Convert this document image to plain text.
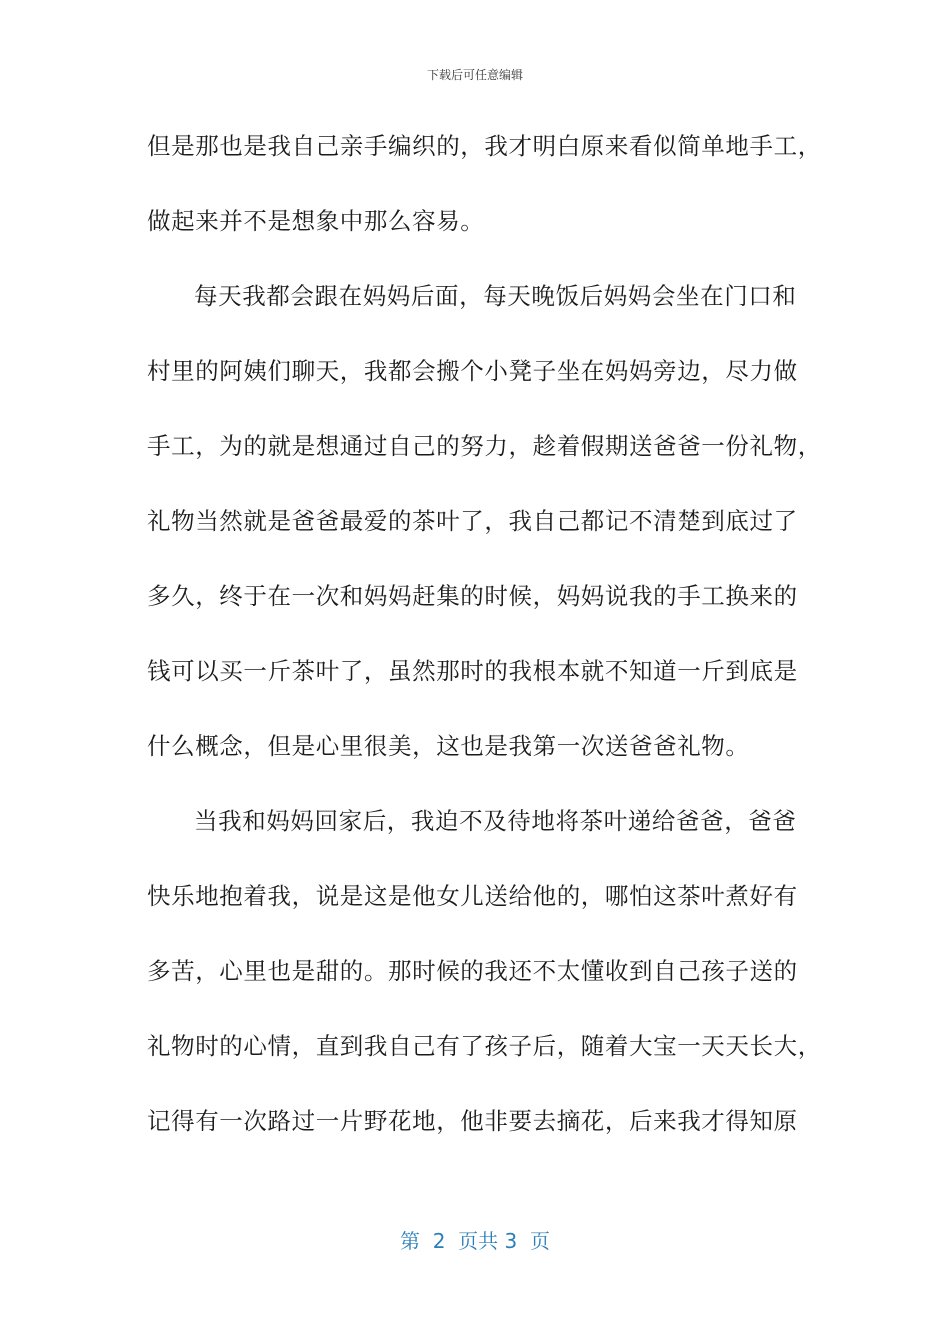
下载后可任意编辑
但是那也是我自己亲手编织的，我才明白原来看似简单地手工，
做起来并不是想象中那么容易。
每天我都会跟在妈妈后面，每天晚饭后妈妈会坐在门口和
村里的阿姨们聊天，我都会搬个小凳子坐在妈妈旁边，尽力做
手工，为的就是想通过自己的努力，趁着假期送爸爸一份礼物，
礼物当然就是爸爸最爱的茶叶了，我自己都记不清楚到底过了
多久，终于在一次和妈妈赶集的时候，妈妈说我的手工换来的
钱可以买一斤茶叶了，虽然那时的我根本就不知道一斤到底是
什么概念，但是心里很美，这也是我第一次送爸爸礼物。
当我和妈妈回家后，我迫不及待地将茶叶递给爸爸，爸爸
快乐地抱着我，说是这是他女儿送给他的，哪怕这茶叶煮好有
多苦，心里也是甜的。那时候的我还不太懂收到自己孩子送的
礼物时的心情，直到我自己有了孩子后，随着大宝一天天长大，
记得有一次路过一片野花地，他非要去摘花，后来我才得知原
第  2  页共 3  页
